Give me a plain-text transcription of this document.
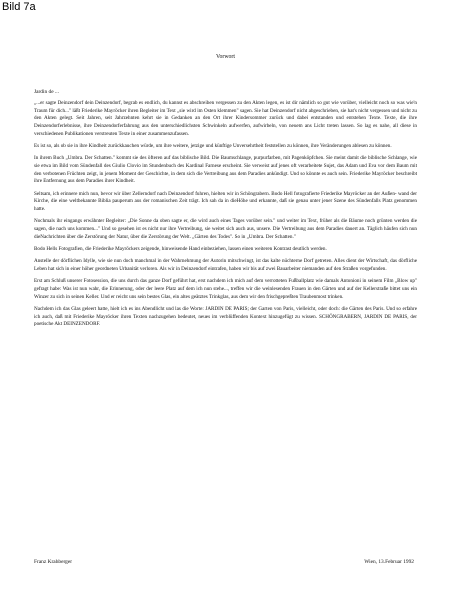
Bild 7a
Vorwort
Jardin de ...

„...er sagte Deinzendorf dein Deinzendorf, begrab es endlich, du kannst es abschreiben vergessen zu den Akten legen, es ist dir nämlich so gut wie vorüber, vielleicht noch so was wie'n Traum für dich..." läßt Friederike Mayröcker ihren Begleiter im Text „sie wird im Osten klemmen" sagen. Sie hat Deinzendorf nicht abgeschrieben, sie hat's nicht vergessen und nicht zu den Akten gelegt. Seit Jahren, seit Jahrzehnten kehrt sie in Gedanken an den Ort ihrer Kindersommer zurück und dabei entstanden und entstehen Texte. Texte, die ihre Deinzendorferlebnisse, ihre Deinzendorferfahrung aus den unterschiedlichsten Schwinkeln aufwerfen, aufwirbeln, von neuem ans Licht treten lassen. So lag es nahe, all diese in verschiedenen Publikationen verstreuten Texte in einer zusammenzufassen.

Es ist so, als ob sie in ihre Kindheit zurückkauchen würde, um ihre weitere, jetzige und künftige Unversehrtheit feststellen zu können, ihre Veränderungen ablesen zu können.

In ihrem Buch „Umbra. Der Schatten." kommt sie des öfteren auf das biblische Bild. Die Baumschlange, purpurfarben, mit Pagenköpfchen. Sie meint damit die biblische Schlange, wie sie etwa im Bild vom Sündenfall des Giulio Clovio im Stundenbuch des Kardinal Farnese erscheint. Sie verweist auf jenes oft verarbeitete Sujet, das Adam und Eva vor dem Baum mit den verbotenen Früchten zeigt, in jenem Moment der Geschichte, in dem sich die Vertreibung aus dem Paradies ankündigt. Und so könnte es auch sein. Friederike Mayröcker beschreibt ihre Entfernung aus dem Paradies ihrer Kindheit.

Seltsam, ich erinnere mich nun, bevor wir über Zellerndorf nach Deinzendorf fuhren, hielten wir in Schöngrabern. Bodo Hell fotografierte Friederike Mayröcker an der Außen- wand der Kirche, die eine weltbekannte Biblia pauperum aus der romanischen Zeit trägt. Ich sah da in dieHöhe und erkannte, daß sie genau unter jener Szene des Sündenfalls Platz genommen hatte.

Nochmals ihr eingangs erwähnter Begleiter: „Die Sonne da oben sagte er, die wird auch eines Tages vorüber sein." und weiter im Text, früher als die Bäume noch grünten werden die sagen, die nach uns kommen..." Und so gesehen ist es nicht nur ihre Vertreibung, sie weitet sich auch aus, unsere. Die Vertreibung aus dem Paradies dauert an. Täglich häufen sich nun dieNachrichten über die Zerstörung der Natur, über die Zerstörung der Welt. „Gärten des Todes". So in „Umbra. Der Schatten."

Bodo Hells Fotografien, die Friederike Mayröckers zeigende, hinweisende Hand einbeziehen, lassen einen weiteren Kontrast deutlich werden.

Anstelle der dörflichen Idylle, wie sie nun doch manchmal in der Wahrnehmung der Autorin mitschwingt, ist das kalte nüchterne Dorf getreten. Alles dient der Wirtschaft, das dörfliche Leben hat sich in einer höher geordneten Urbanität verloren. Als wir in Deinzendorf eintrafen, haben wir bis auf zwei Bauarbeiter niemanden auf den Straßen vorgefunden.

Erst am Schluß unserer Fotosession, die uns durch das ganze Dorf geführt hat, erst nachdem ich mich auf dem verrotteten Fußballplatz wie damals Antonioni in seinem Film „Blow up" gefragt habe: Was ist nun wahr, die Erinnerung, oder der leere Platz auf dem ich nun stehe..., treffen wir die weinlesenden Frauen in den Gärten und auf der Kellerstraße bittet uns ein Winzer zu sich in seinen Keller. Und er reicht uns sein bestes Glas, ein altes geätztes Trinkglas, aus dem wir den frischgepreßten Traubenmost trinken.

Nachdem ich das Glas geleert hatte, hielt ich es ins Abendlicht und las die Worte: JARDIN DE PARIS; der Garten von Paris, vielleicht, oder doch: die Gärten des Paris. Und so erfahre ich auch, daß mit Friederike Mayröcker ihren Texten nachzugehen bedeutet, neues im verblüffenden Kontext hinzugefügt zu wissen. SCHÖNGRABERN, JARDIN DE PARIS, der poetische Akt DEINZENDORF.

Franz Krahberger	Wien, 13.Februar 1992
